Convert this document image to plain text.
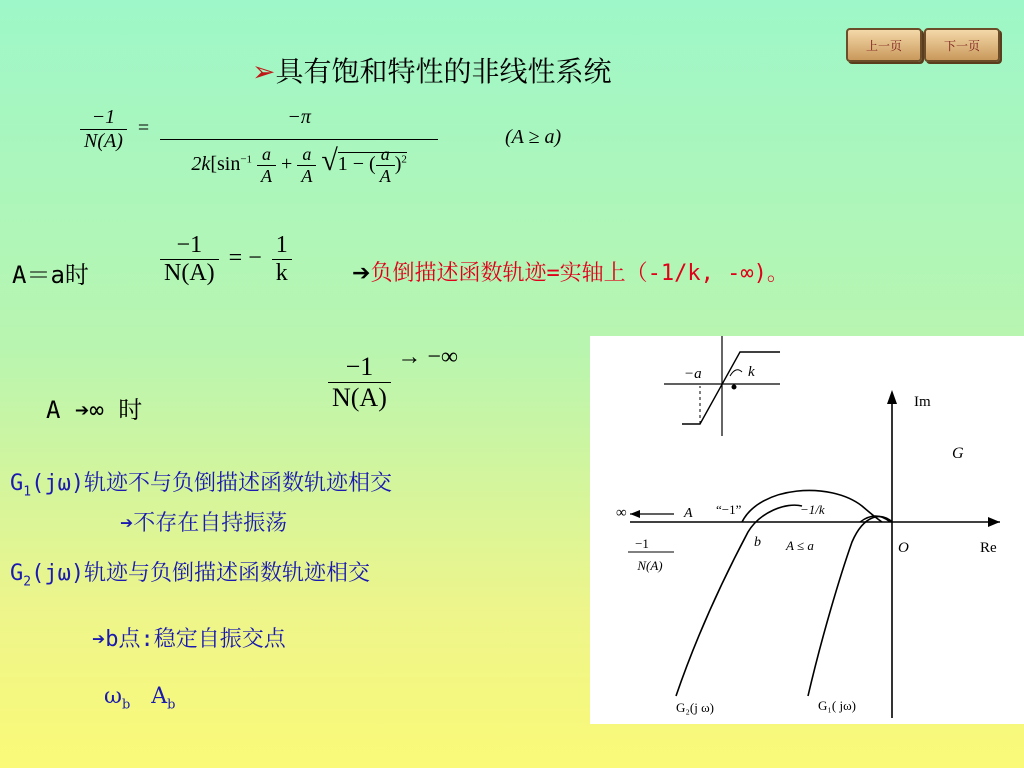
上一页	下一页
➢具有饱和特性的非线性系统
$\frac{-1}{N(A)} = \frac{-\pi}{2k[\sin^{-1} \frac{a}{A} + \frac{a}{A} √1 - ( \frac{a}{A} )^2}$	(A ≥ a)
A＝a时	$\frac{-1}{N(A)}$ = − $\frac{1}{k}$	➔负倒描述函数轨迹=实轴上（-1/k, -∞)。
A ➔∞ 时	$\frac{-1}{N(A)}$ → −∞
$G_1(j\omega)$轨迹不与负倒描述函数轨迹相交
➔不存在自持振荡
$G_2(j\omega)$轨迹与负倒描述函数轨迹相交
➔b点:稳定自振交点
$\omega_b$ $A_b$
−a	k
Im
Re
G
O
∞	A “−1”	−1/k
−1
N(A)
b A ≤ a
G₂(j ω)	G₁( jω)
